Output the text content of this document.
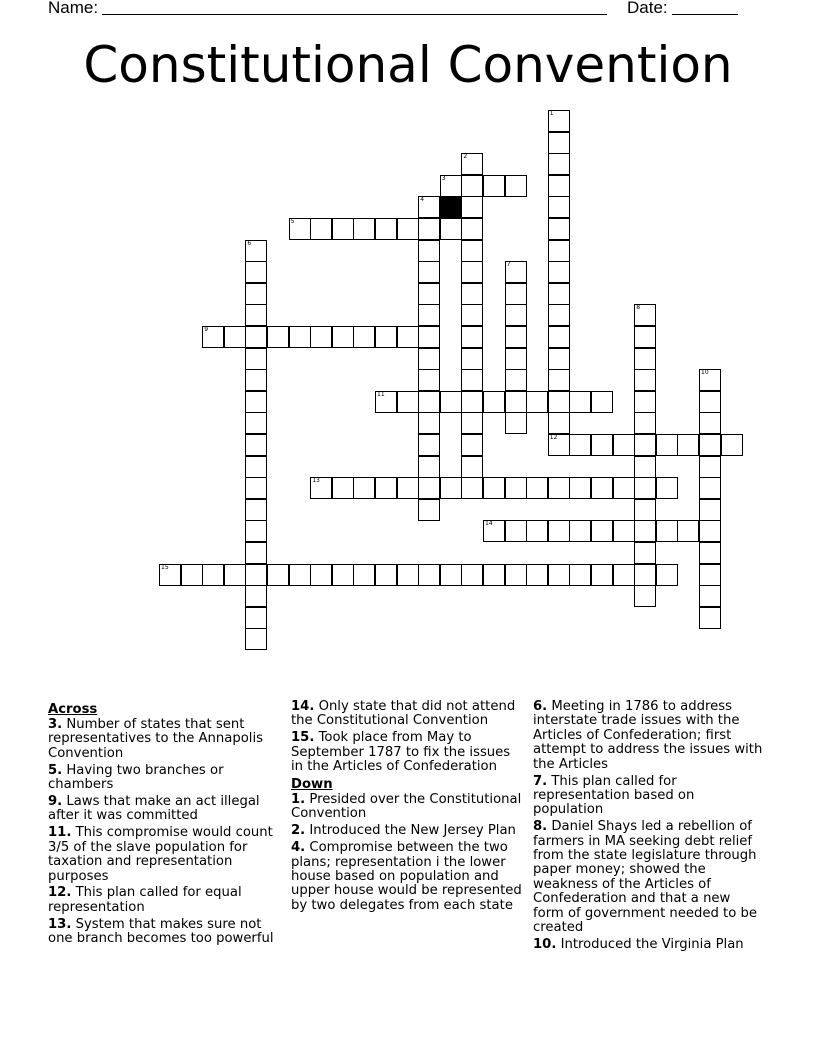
Name:	Date:
Constitutional Convention
1
2
3
4
5
6
7
8
9
10
11
12
13
14
15
Across
3. Number of states that sent representatives to the Annapolis Convention
5. Having two branches or chambers
9. Laws that make an act illegal after it was committed
11. This compromise would count 3/5 of the slave population for taxation and representation purposes
12. This plan called for equal representation
13. System that makes sure not one branch becomes too powerful
14. Only state that did not attend the Constitutional Convention
15. Took place from May to September 1787 to fix the issues in the Articles of Confederation
Down
1. Presided over the Constitutional Convention
2. Introduced the New Jersey Plan
4. Compromise between the two plans; representation i the lower house based on population and upper house would be represented by two delegates from each state
6. Meeting in 1786 to address interstate trade issues with the Articles of Confederation; first attempt to address the issues with the Articles
7. This plan called for representation based on population
8. Daniel Shays led a rebellion of farmers in MA seeking debt relief from the state legislature through paper money; showed the weakness of the Articles of Confederation and that a new form of government needed to be created
10. Introduced the Virginia Plan
